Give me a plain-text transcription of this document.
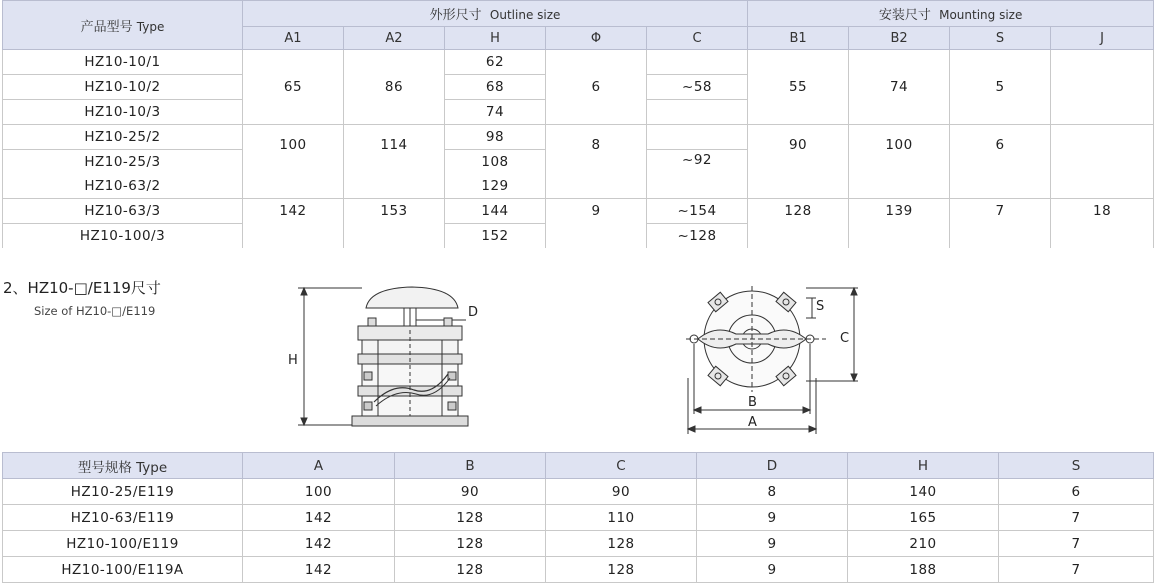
产品型号 Type	外形尺寸 Outline size					安装尺寸 Mounting size			
	A1	A2	H	Φ	C	B1	B2	S	J
HZ10-10/1	65	86	62	6		55	74	5	
HZ10-10/2			68		~58				
HZ10-10/3			74						
HZ10-25/2	100	114	98	8		90	100	6	
HZ10-25/3			108		~92				
HZ10-63/2			129						
HZ10-63/3	142	153	144	9	~154	128	139	7	18
HZ10-100/3			152		~128				
2、HZ10-□/E119尺寸
Size of HZ10-□/E119
H
D	S
C
B
A
型号规格 Type	A	B	C	D	H	S
HZ10-25/E119	100	90	90	8	140	6
HZ10-63/E119	142	128	110	9	165	7
HZ10-100/E119	142	128	128	9	210	7
HZ10-100/E119A	142	128	128	9	188	7
